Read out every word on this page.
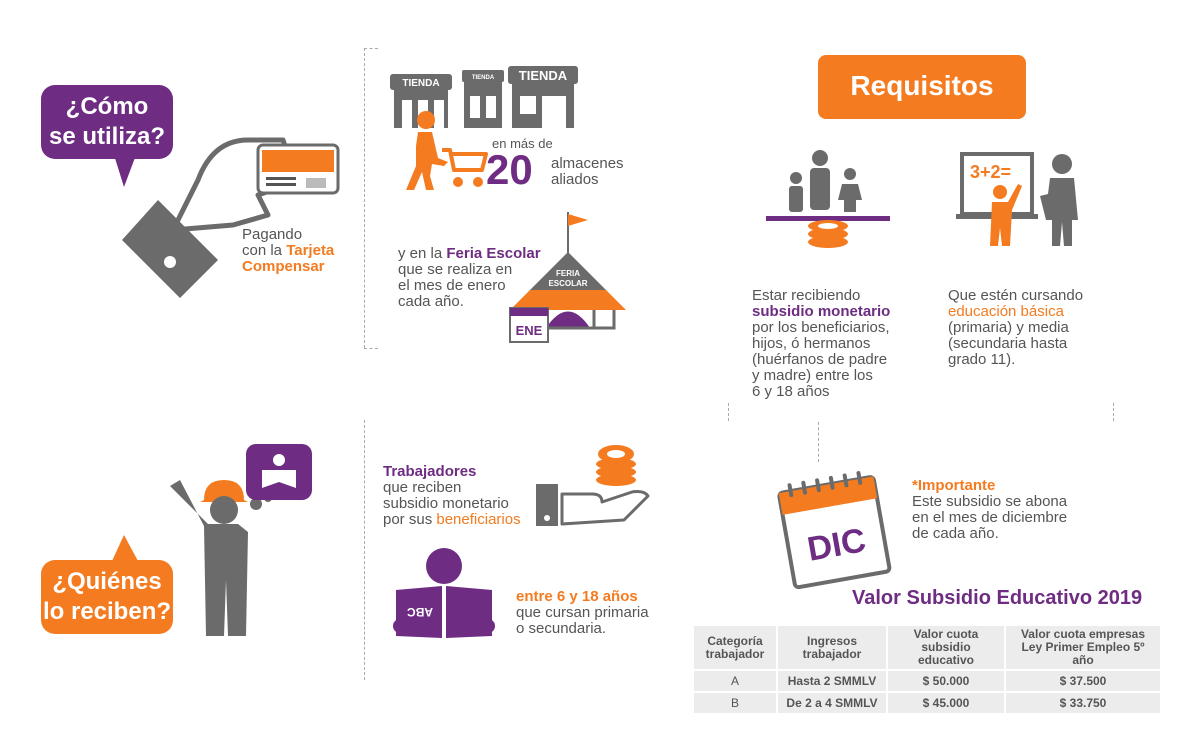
¿Cómo
se utiliza?
Pagando
con la Tarjeta
Compensar
TIENDA	TIENDA TIENDA
en más de
20 almacenes
aliados
y en la Feria Escolar
que se realiza en
el mes de enero
cada año.
FERIA
ESCOLAR
ENE
Requisitos
Estar recibiendo
subsidio monetario
por los beneficiarios,
hijos, ó hermanos
(huérfanos de padre
y madre) entre los
6 y 18 años
3+2=
Que estén cursando
educación básica
(primaria) y media
(secundaria hasta
grado 11).
¿Quiénes
lo reciben?
Trabajadores
que reciben
subsidio monetario
por sus beneficiarios
ABC
entre 6 y 18 años
que cursan primaria
o secundaria.
DIC
*Importante
Este subsidio se abona
en el mes de diciembre
de cada año.
Valor Subsidio Educativo 2019
Categoría trabajador	Ingresos trabajador	Valor cuota subsidio educativo	Valor cuota empresas Ley Primer Empleo 5º año
A	Hasta 2 SMMLV	$ 50.000	$ 37.500
B	De 2 a 4 SMMLV	$ 45.000	$ 33.750
